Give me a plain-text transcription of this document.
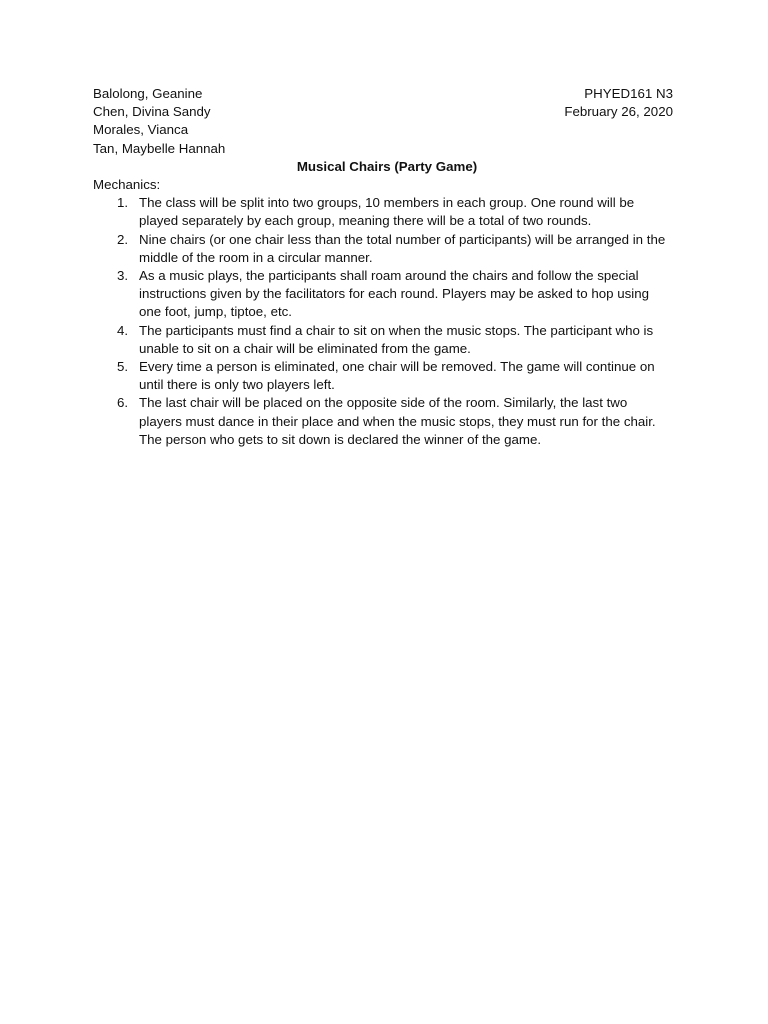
Balolong, Geanine	PHYED161 N3
Chen, Divina Sandy	February 26, 2020
Morales, Vianca
Tan, Maybelle Hannah
Musical Chairs (Party Game)
Mechanics:
1. The class will be split into two groups, 10 members in each group. One round will be played separately by each group, meaning there will be a total of two rounds.
2. Nine chairs (or one chair less than the total number of participants) will be arranged in the middle of the room in a circular manner.
3. As a music plays, the participants shall roam around the chairs and follow the special instructions given by the facilitators for each round. Players may be asked to hop using one foot, jump, tiptoe, etc.
4. The participants must find a chair to sit on when the music stops. The participant who is unable to sit on a chair will be eliminated from the game.
5. Every time a person is eliminated, one chair will be removed. The game will continue on until there is only two players left.
6. The last chair will be placed on the opposite side of the room. Similarly, the last two players must dance in their place and when the music stops, they must run for the chair. The person who gets to sit down is declared the winner of the game.
